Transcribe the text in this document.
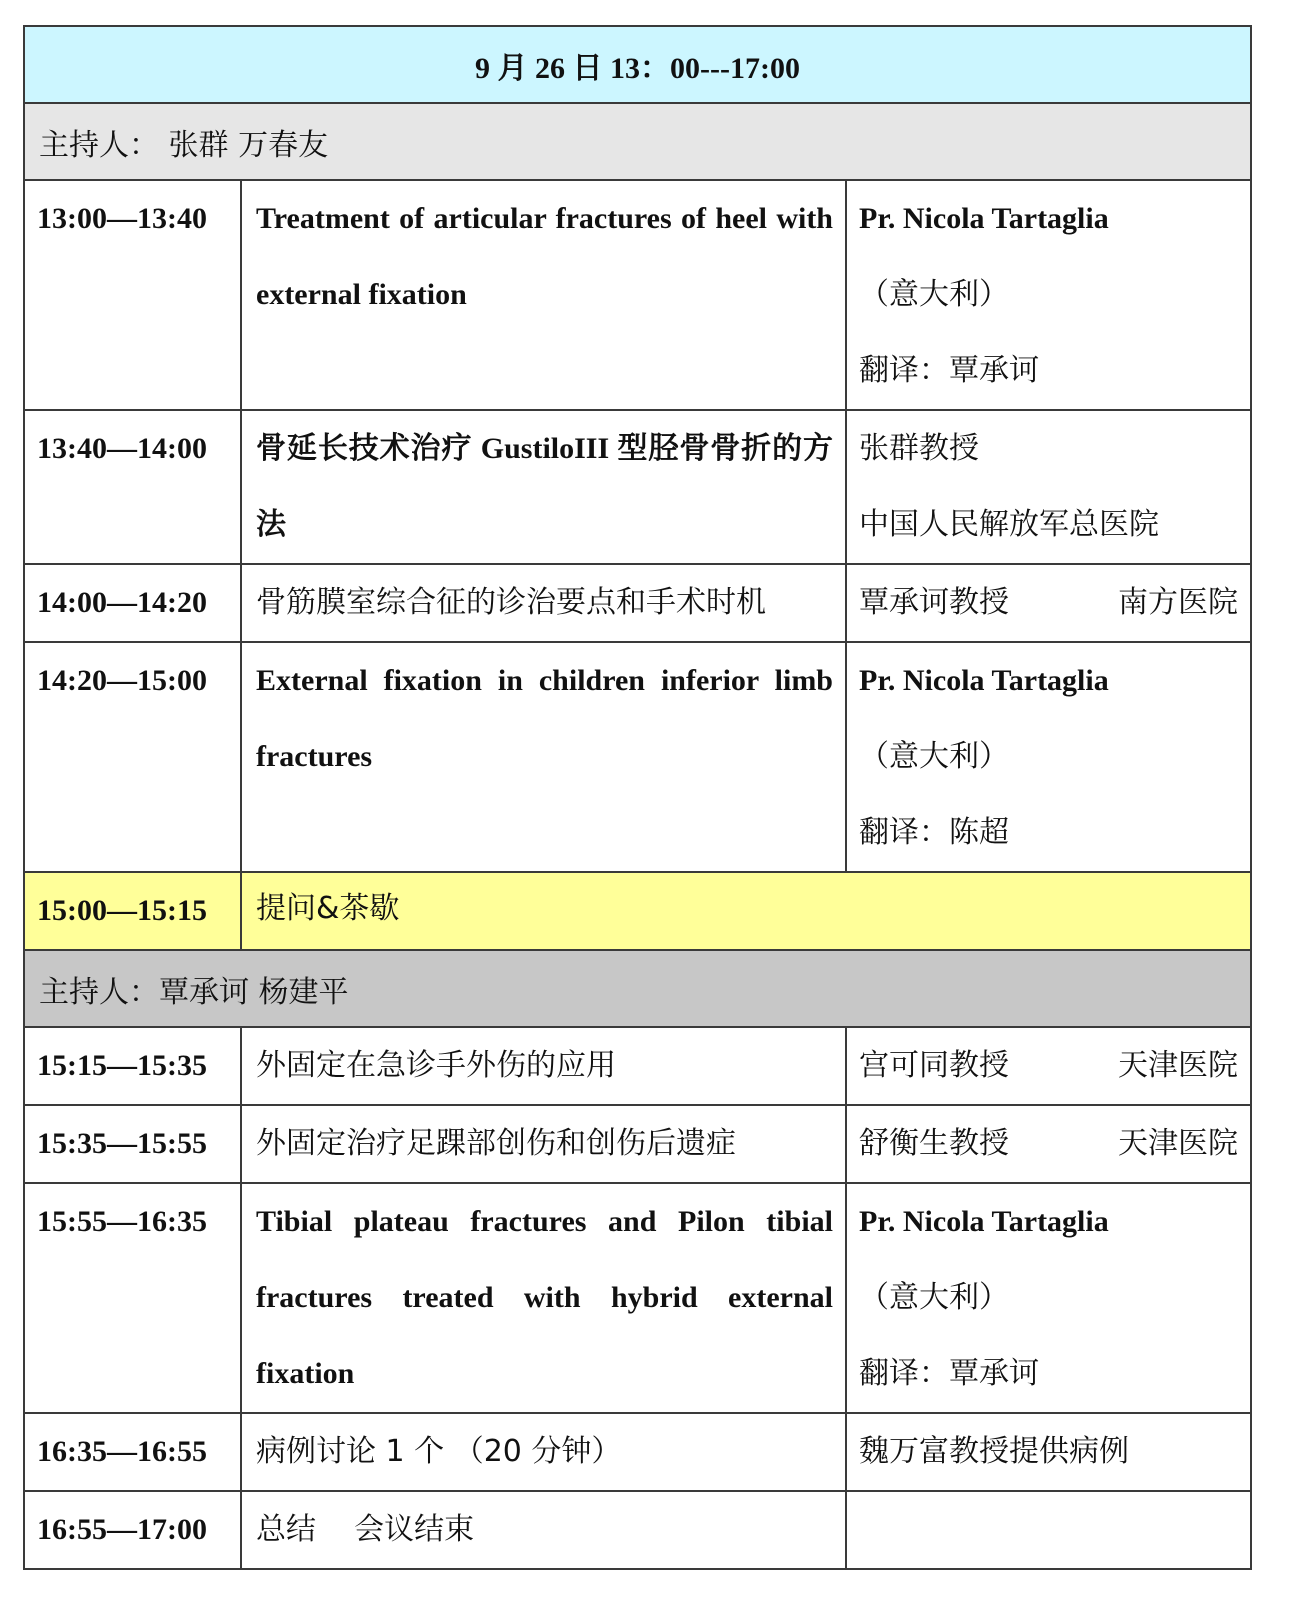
9 月 26 日 13：00---17:00		
主持人： 张群 万春友		
13:00—13:40	Treatment of articular fractures of heel with external fixation	Pr. Nicola Tartaglia
（意大利）
翻译：覃承诃

13:40—14:00	骨延长技术治疗 GustiloIII 型胫骨骨折的方法	张群教授
中国人民解放军总医院

14:00—14:20	骨筋膜室综合征的诊治要点和手术时机	覃承诃教授 南方医院

14:20—15:00	External fixation in children inferior limb fractures	Pr. Nicola Tartaglia
（意大利）
翻译：陈超

15:00—15:15	提问&茶歇	
主持人：覃承诃 杨建平		
15:15—15:35	外固定在急诊手外伤的应用	宫可同教授 天津医院

15:35—15:55	外固定治疗足踝部创伤和创伤后遗症	舒衡生教授 天津医院

15:55—16:35	Tibial plateau fractures and Pilon tibial fractures treated with hybrid external fixation	Pr. Nicola Tartaglia
（意大利）
翻译：覃承诃

16:35—16:55	病例讨论 1 个 （20 分钟）	魏万富教授提供病例

16:55—17:00	总结    会议结束	
